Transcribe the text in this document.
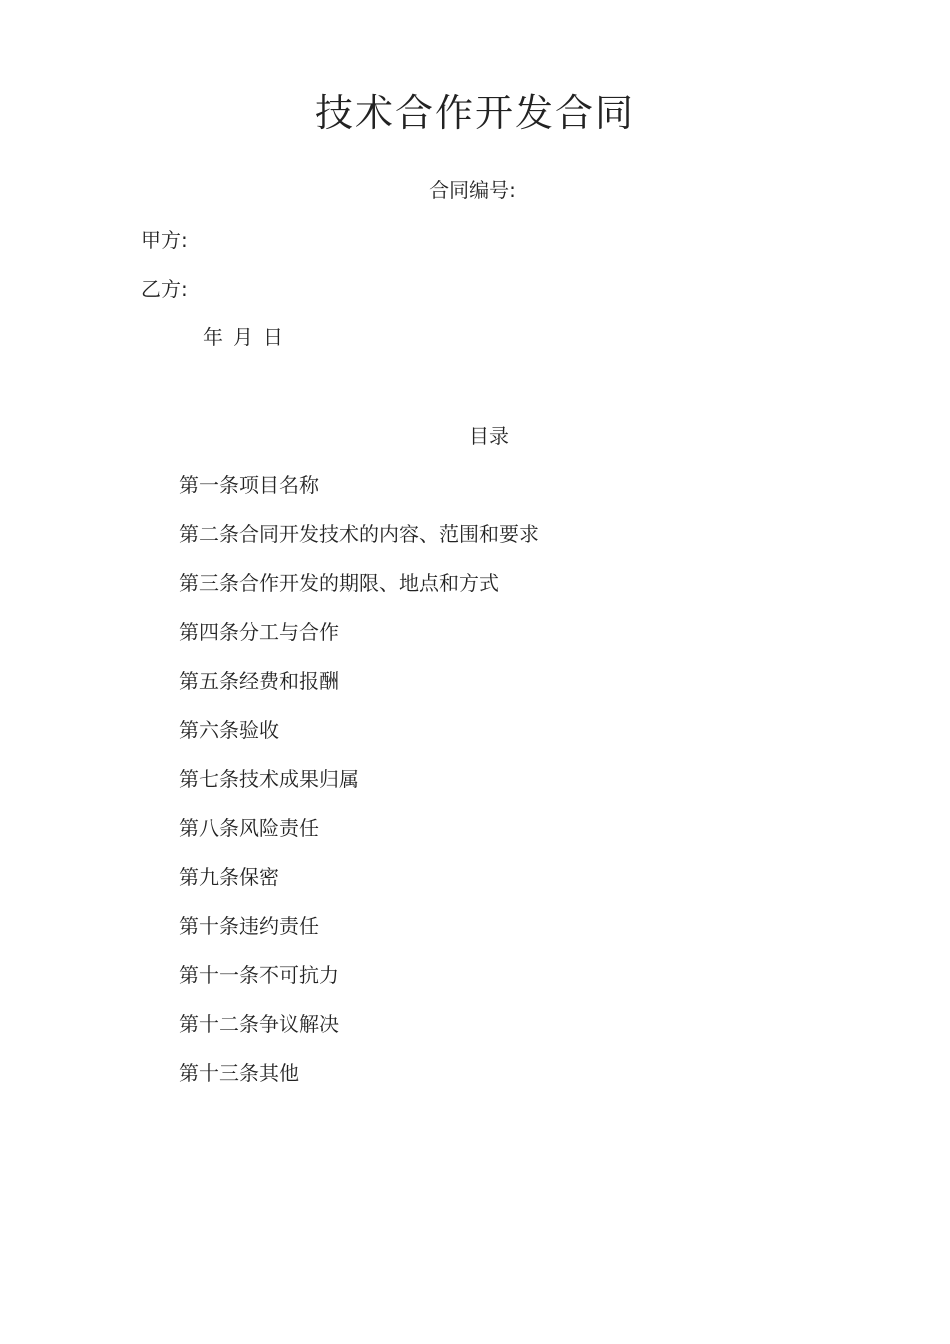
技术合作开发合同
合同编号:
甲方:
乙方:
年 月 日
目录
第一条项目名称
第二条合同开发技术的内容、范围和要求
第三条合作开发的期限、地点和方式
第四条分工与合作
第五条经费和报酬
第六条验收
第七条技术成果归属
第八条风险责任
第九条保密
第十条违约责任
第十一条不可抗力
第十二条争议解决
第十三条其他
